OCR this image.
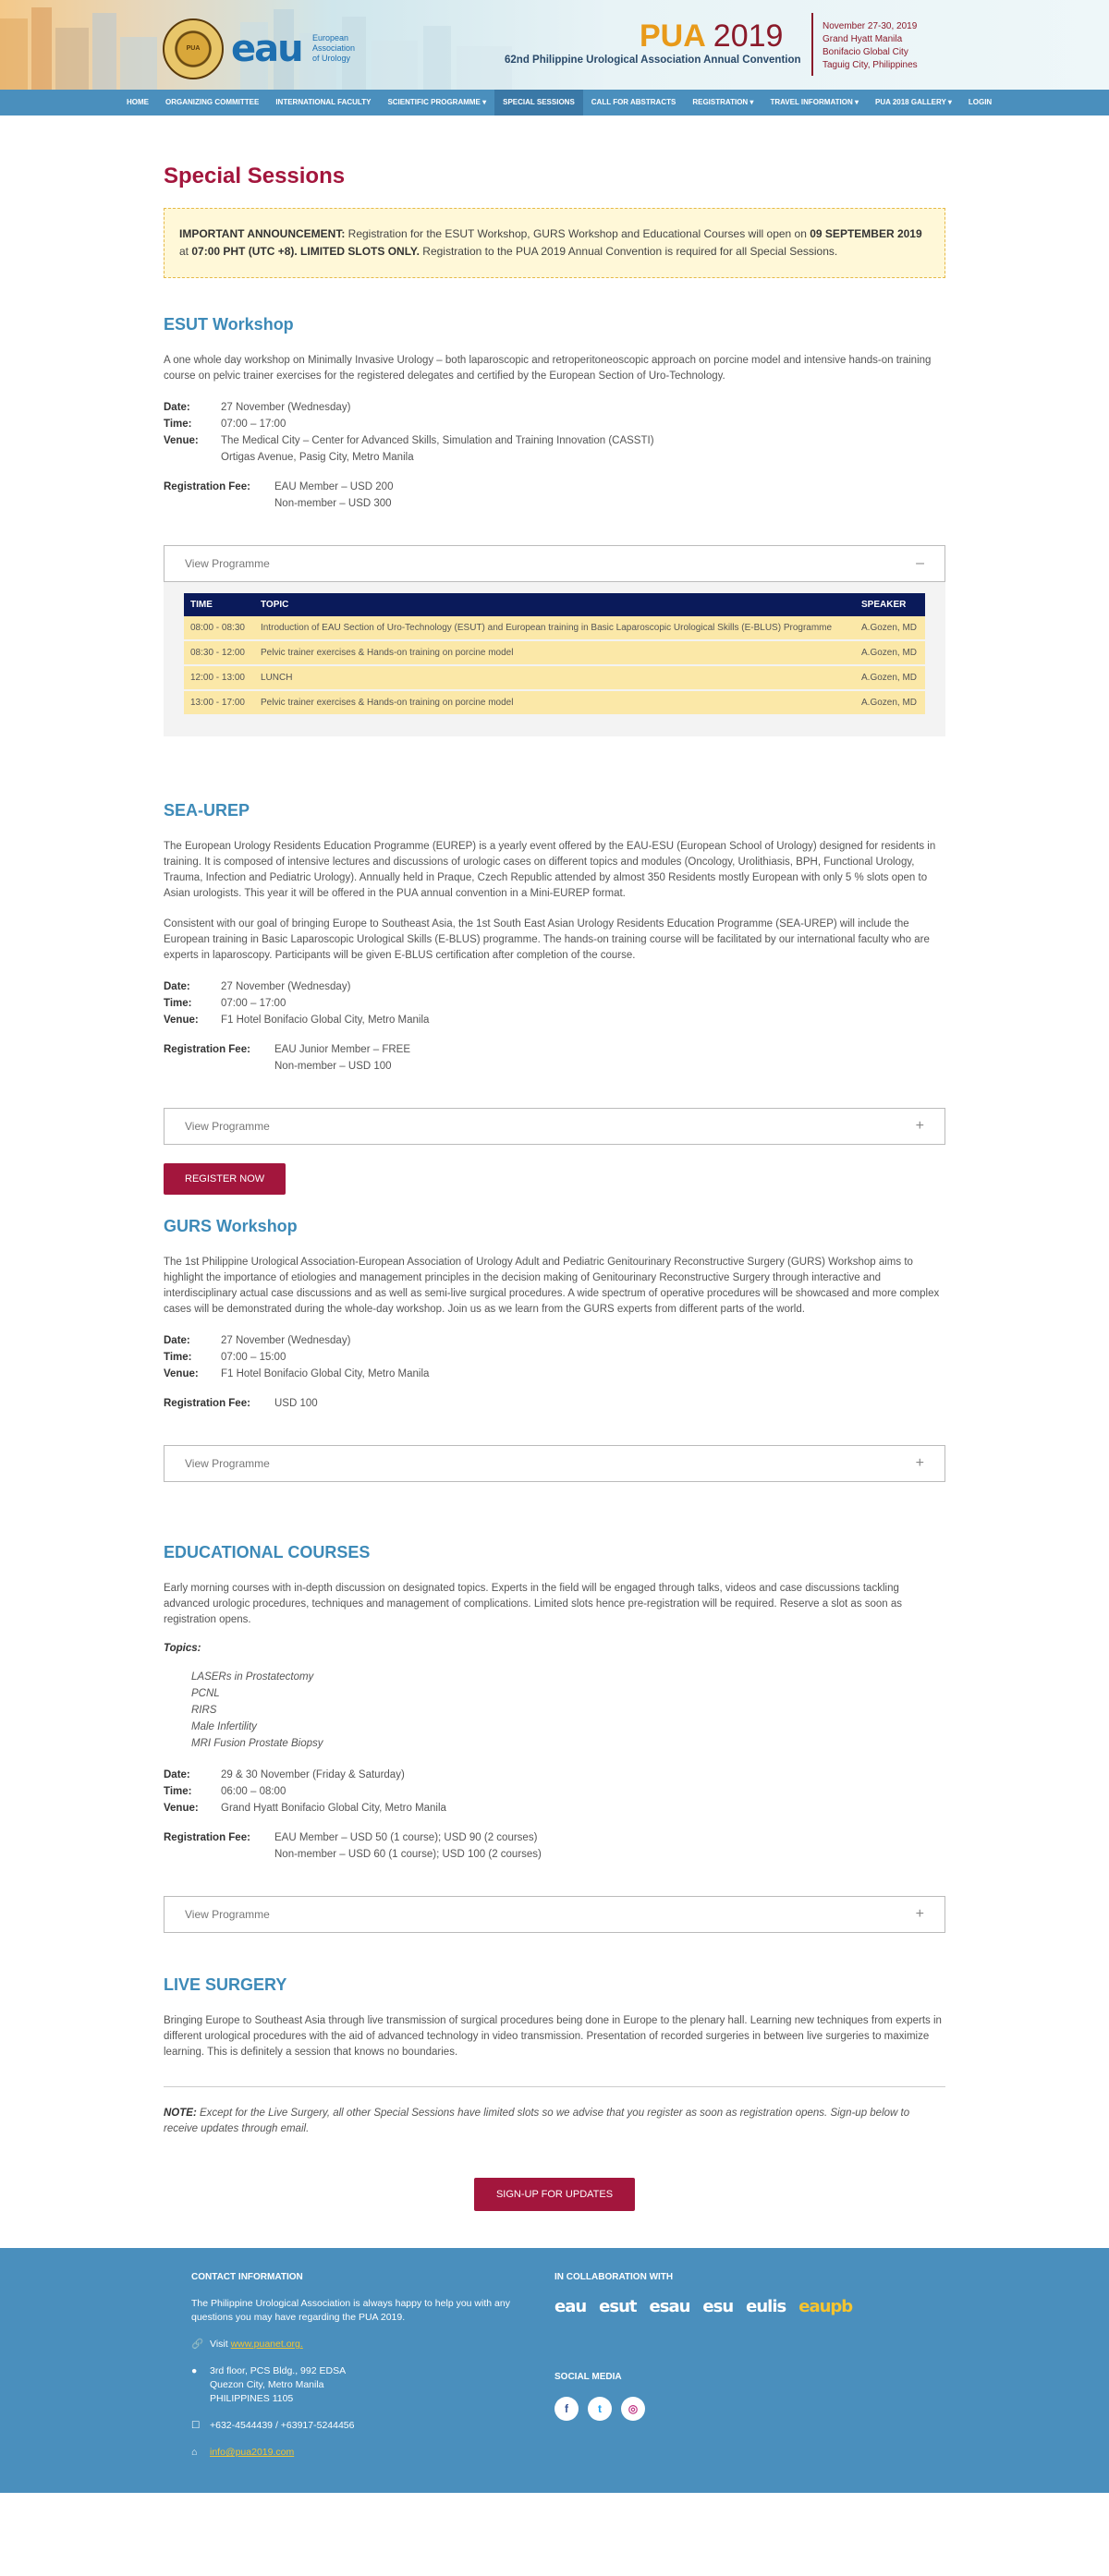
PUA eau European
Association
of Urology
PUA 2019
62nd Philippine Urological Association Annual Convention
November 27-30, 2019
Grand Hyatt Manila
Bonifacio Global City
Taguig City, Philippines
HOME	ORGANIZING COMMITTEE	INTERNATIONAL FACULTY	SCIENTIFIC PROGRAMME ▾	SPECIAL SESSIONS	CALL FOR ABSTRACTS	REGISTRATION ▾	TRAVEL INFORMATION ▾	PUA 2018 GALLERY ▾	LOGIN
Special Sessions
IMPORTANT ANNOUNCEMENT: Registration for the ESUT Workshop, GURS Workshop and Educational Courses will open on 09 SEPTEMBER 2019 at 07:00 PHT (UTC +8). LIMITED SLOTS ONLY. Registration to the PUA 2019 Annual Convention is required for all Special Sessions.
ESUT Workshop

A one whole day workshop on Minimally Invasive Urology – both laparoscopic and retroperitoneoscopic approach on porcine model and intensive hands-on training course on pelvic trainer exercises for the registered delegates and certified by the European Section of Uro-Technology.

Date:	27 November (Wednesday)
Time:	07:00 – 17:00
Venue:	The Medical City – Center for Advanced Skills, Simulation and Training Innovation (CASSTI)
Ortigas Avenue, Pasig City, Metro Manila
Registration Fee:	EAU Member – USD 200
Non-member – USD 300
View Programme	–
TIME	TOPIC	SPEAKER
08:00 - 08:30	Introduction of EAU Section of Uro-Technology (ESUT) and European training in Basic Laparoscopic Urological Skills (E-BLUS) Programme	A.Gozen, MD
08:30 - 12:00	Pelvic trainer exercises & Hands-on training on porcine model	A.Gozen, MD
12:00 - 13:00	LUNCH	A.Gozen, MD
13:00 - 17:00	Pelvic trainer exercises & Hands-on training on porcine model	A.Gozen, MD
SEA-UREP

The European Urology Residents Education Programme (EUREP) is a yearly event offered by the EAU-ESU (European School of Urology) designed for residents in training. It is composed of intensive lectures and discussions of urologic cases on different topics and modules (Oncology, Urolithiasis, BPH, Functional Urology, Trauma, Infection and Pediatric Urology). Annually held in Praque, Czech Republic attended by almost 350 Residents mostly European with only 5 % slots open to Asian urologists. This year it will be offered in the PUA annual convention in a Mini-EUREP format.

Consistent with our goal of bringing Europe to Southeast Asia, the 1st South East Asian Urology Residents Education Programme (SEA-UREP) will include the European training in Basic Laparoscopic Urological Skills (E-BLUS) programme. The hands-on training course will be facilitated by our international faculty who are experts in laparoscopy. Participants will be given E-BLUS certification after completion of the course.

Date:	27 November (Wednesday)
Time:	07:00 – 17:00
Venue:	F1 Hotel Bonifacio Global City, Metro Manila
Registration Fee:	EAU Junior Member – FREE
Non-member – USD 100
View Programme	+
REGISTER NOW
GURS Workshop

The 1st Philippine Urological Association-European Association of Urology Adult and Pediatric Genitourinary Reconstructive Surgery (GURS) Workshop aims to highlight the importance of etiologies and management principles in the decision making of Genitourinary Reconstructive Surgery through interactive and interdisciplinary actual case discussions and as well as semi-live surgical procedures. A wide spectrum of operative procedures will be showcased and more complex cases will be demonstrated during the whole-day workshop. Join us as we learn from the GURS experts from different parts of the world.

Date:	27 November (Wednesday)
Time:	07:00 – 15:00
Venue:	F1 Hotel Bonifacio Global City, Metro Manila
Registration Fee:	USD 100
View Programme	+
EDUCATIONAL COURSES

Early morning courses with in-depth discussion on designated topics. Experts in the field will be engaged through talks, videos and case discussions tackling advanced urologic procedures, techniques and management of complications. Limited slots hence pre-registration will be required. Reserve a slot as soon as registration opens.

Topics:
LASERs in Prostatectomy
PCNL
RIRS
Male Infertility
MRI Fusion Prostate Biopsy
Date:	29 & 30 November (Friday & Saturday)
Time:	06:00 – 08:00
Venue:	Grand Hyatt Bonifacio Global City, Metro Manila
Registration Fee:	EAU Member – USD 50 (1 course); USD 90 (2 courses)
Non-member – USD 60 (1 course); USD 100 (2 courses)
View Programme	+
LIVE SURGERY

Bringing Europe to Southeast Asia through live transmission of surgical procedures being done in Europe to the plenary hall. Learning new techniques from experts in different urological procedures with the aid of advanced technology in video transmission. Presentation of recorded surgeries in between live surgeries to maximize learning. This is definitely a session that knows no boundaries.

NOTE: Except for the Live Surgery, all other Special Sessions have limited slots so we advise that you register as soon as registration opens. Sign-up below to receive updates through email.

SIGN-UP FOR UPDATES
CONTACT INFORMATION
The Philippine Urological Association is always happy to help you with any questions you may have regarding the PUA 2019.
🔗 Visit www.puanet.org.
●	3rd floor, PCS Bldg., 992 EDSA
Quezon City, Metro Manila
PHILIPPINES 1105
☐ +632-4544439 / +63917-5244456
⌂	info@pua2019.com
IN COLLABORATION WITH
eau esut esau esu eulis eaupb
SOCIAL MEDIA
f	t	◎
